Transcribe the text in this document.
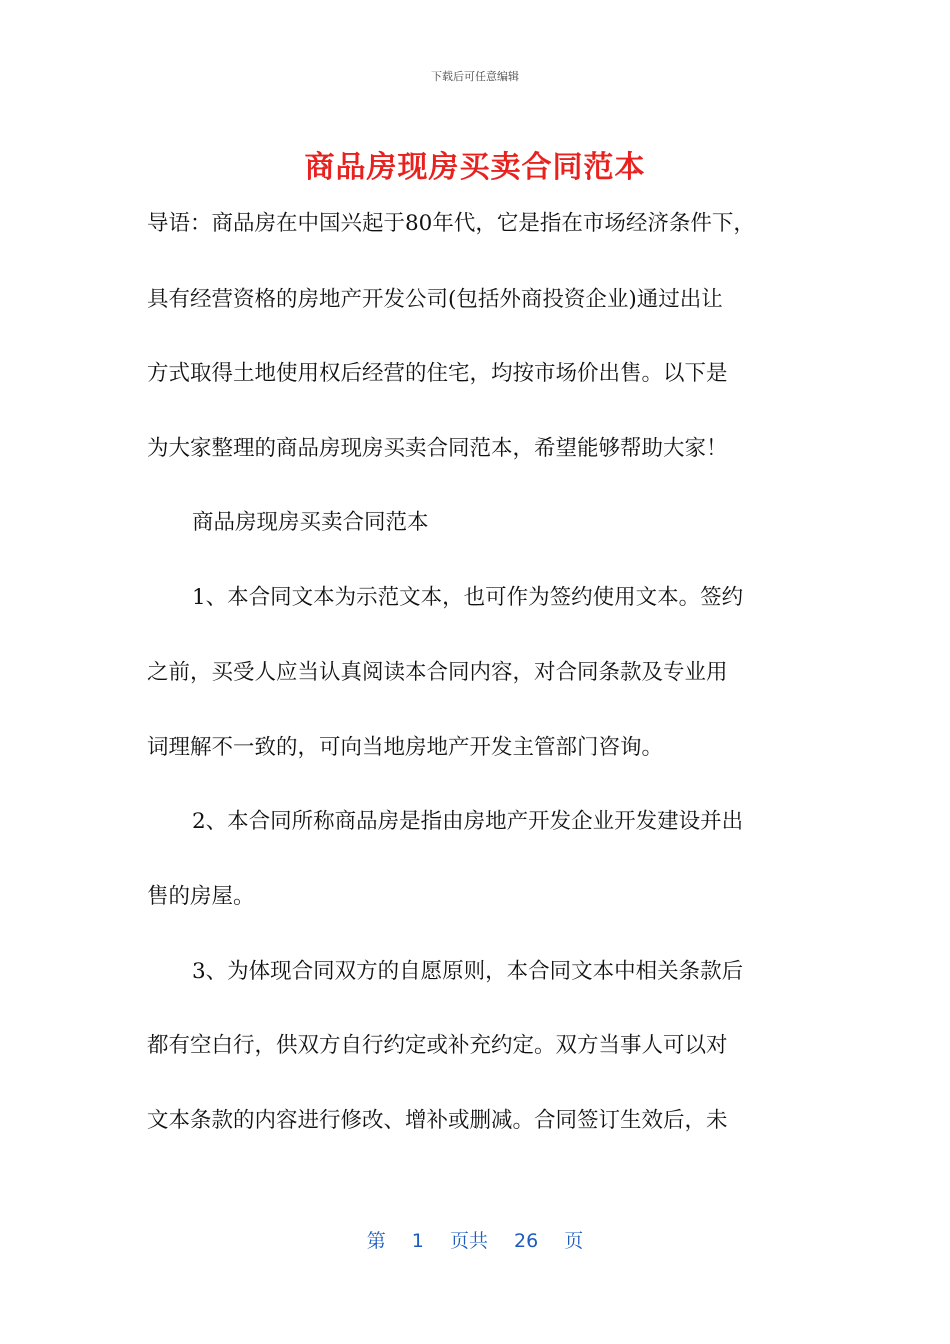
下载后可任意编辑
商品房现房买卖合同范本
导语：商品房在中国兴起于80年代，它是指在市场经济条件下，
具有经营资格的房地产开发公司(包括外商投资企业)通过出让
方式取得土地使用权后经营的住宅，均按市场价出售。以下是
为大家整理的商品房现房买卖合同范本，希望能够帮助大家！
商品房现房买卖合同范本
1、本合同文本为示范文本，也可作为签约使用文本。签约
之前，买受人应当认真阅读本合同内容，对合同条款及专业用
词理解不一致的，可向当地房地产开发主管部门咨询。
2、本合同所称商品房是指由房地产开发企业开发建设并出
售的房屋。
3、为体现合同双方的自愿原则，本合同文本中相关条款后
都有空白行，供双方自行约定或补充约定。双方当事人可以对
文本条款的内容进行修改、增补或删减。合同签订生效后，未
第 1 页共 26 页
